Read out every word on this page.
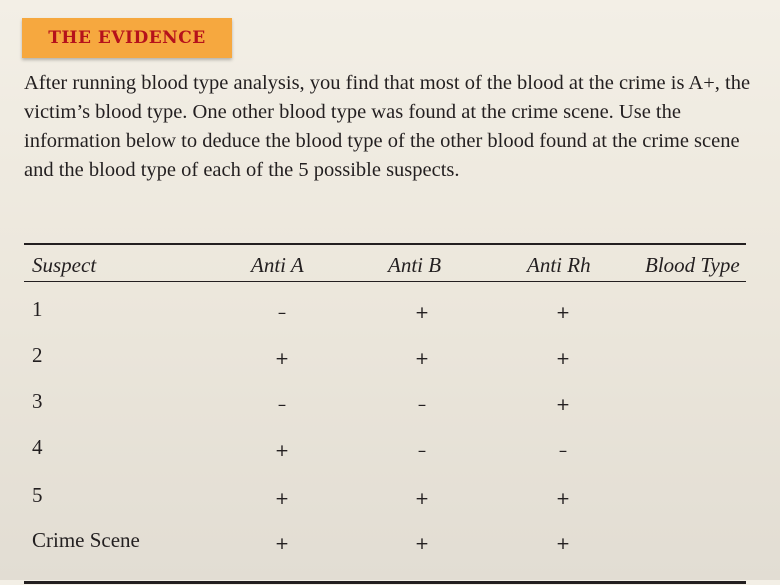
THE EVIDENCE

After running blood type analysis, you find that most of the blood at the crime is A+, the victim’s blood type. One other blood type was found at the crime scene. Use the information below to deduce the blood type of the other blood found at the crime scene and the blood type of each of the 5 possible suspects.

Suspect	Anti A	Anti B	Anti Rh	Blood Type
1	–	+	+
2	+	+	+
3	–	–	+
4	+	–	–
5	+	+	+
Crime Scene	+	+	+
